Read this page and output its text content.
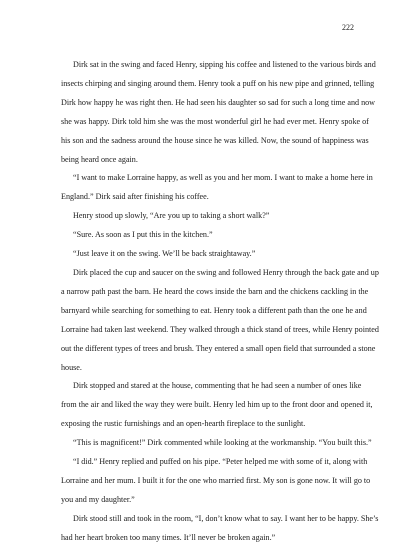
222

Dirk sat in the swing and faced Henry, sipping his coffee and listened to the various birds and insects chirping and singing around them. Henry took a puff on his new pipe and grinned, telling Dirk how happy he was right then. He had seen his daughter so sad for such a long time and now she was happy. Dirk told him she was the most wonderful girl he had ever met. Henry spoke of his son and the sadness around the house since he was killed. Now, the sound of happiness was being heard once again.

“I want to make Lorraine happy, as well as you and her mom. I want to make a home here in England.” Dirk said after finishing his coffee.

Henry stood up slowly, “Are you up to taking a short walk?”

“Sure. As soon as I put this in the kitchen.”

“Just leave it on the swing. We’ll be back straightaway.”

Dirk placed the cup and saucer on the swing and followed Henry through the back gate and up a narrow path past the barn. He heard the cows inside the barn and the chickens cackling in the barnyard while searching for something to eat. Henry took a different path than the one he and Lorraine had taken last weekend. They walked through a thick stand of trees, while Henry pointed out the different types of trees and brush. They entered a small open field that surrounded a stone house.

Dirk stopped and stared at the house, commenting that he had seen a number of ones like from the air and liked the way they were built. Henry led him up to the front door and opened it, exposing the rustic furnishings and an open-hearth fireplace to the sunlight.

“This is magnificent!” Dirk commented while looking at the workmanship. “You built this.”

“I did.” Henry replied and puffed on his pipe. “Peter helped me with some of it, along with Lorraine and her mum. I built it for the one who married first. My son is gone now. It will go to you and my daughter.”

Dirk stood still and took in the room, “I, don’t know what to say. I want her to be happy. She’s had her heart broken too many times. It’ll never be broken again.”
